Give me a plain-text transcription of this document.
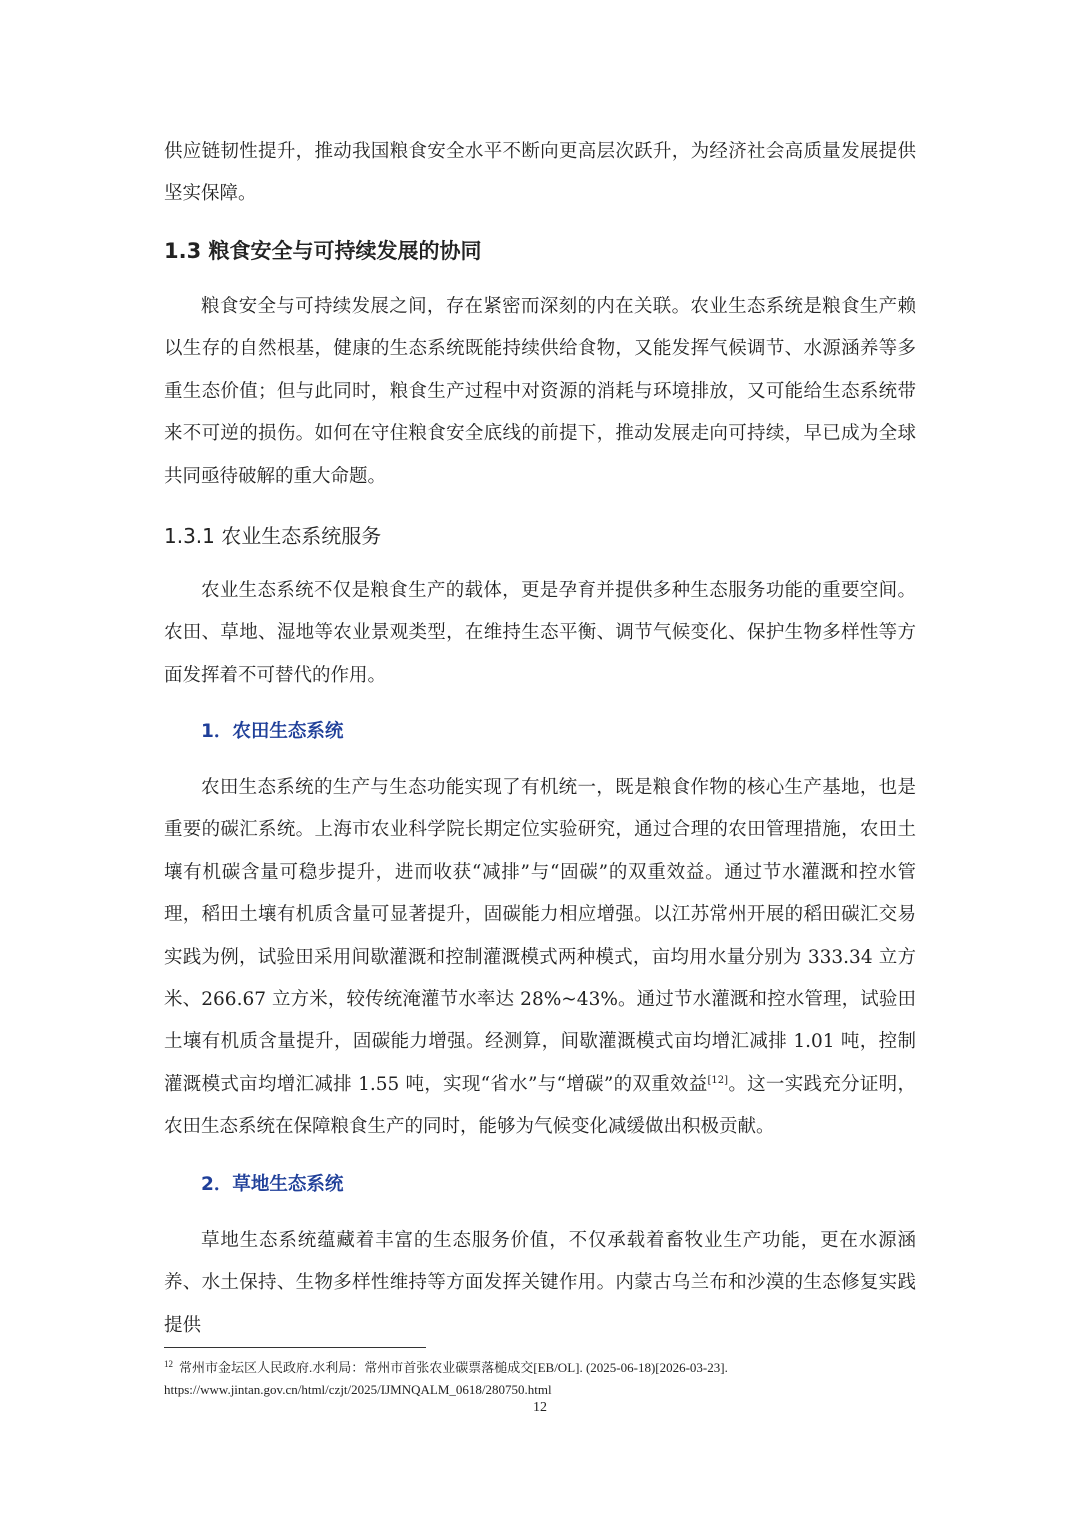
供应链韧性提升，推动我国粮食安全水平不断向更高层次跃升，为经济社会高质量发展提供坚实保障。

1.3 粮食安全与可持续发展的协同

粮食安全与可持续发展之间，存在紧密而深刻的内在关联。农业生态系统是粮食生产赖以生存的自然根基，健康的生态系统既能持续供给食物，又能发挥气候调节、水源涵养等多重生态价值；但与此同时，粮食生产过程中对资源的消耗与环境排放，又可能给生态系统带来不可逆的损伤。如何在守住粮食安全底线的前提下，推动发展走向可持续，早已成为全球共同亟待破解的重大命题。

1.3.1 农业生态系统服务

农业生态系统不仅是粮食生产的载体，更是孕育并提供多种生态服务功能的重要空间。农田、草地、湿地等农业景观类型，在维持生态平衡、调节气候变化、保护生物多样性等方面发挥着不可替代的作用。

1．农田生态系统

农田生态系统的生产与生态功能实现了有机统一，既是粮食作物的核心生产基地，也是重要的碳汇系统。上海市农业科学院长期定位实验研究，通过合理的农田管理措施，农田土壤有机碳含量可稳步提升，进而收获“减排”与“固碳”的双重效益。通过节水灌溉和控水管理，稻田土壤有机质含量可显著提升，固碳能力相应增强。以江苏常州开展的稻田碳汇交易实践为例，试验田采用间歇灌溉和控制灌溉模式两种模式，亩均用水量分别为 333.34 立方米、266.67 立方米，较传统淹灌节水率达 28%~43%。通过节水灌溉和控水管理，试验田土壤有机质含量提升，固碳能力增强。经测算，间歇灌溉模式亩均增汇减排 1.01 吨，控制灌溉模式亩均增汇减排 1.55 吨，实现“省水”与“增碳”的双重效益[12]。这一实践充分证明，农田生态系统在保障粮食生产的同时，能够为气候变化减缓做出积极贡献。

2．草地生态系统

草地生态系统蕴藏着丰富的生态服务价值，不仅承载着畜牧业生产功能，更在水源涵养、水土保持、生物多样性维持等方面发挥关键作用。内蒙古乌兰布和沙漠的生态修复实践提供

$^{12}$ 常州市金坛区人民政府.水利局：常州市首张农业碳票落槌成交[EB/OL]. (2025-06-18)[2026-03-23].
https://www.jintan.gov.cn/html/czjt/2025/IJMNQALM_0618/280750.html

12
